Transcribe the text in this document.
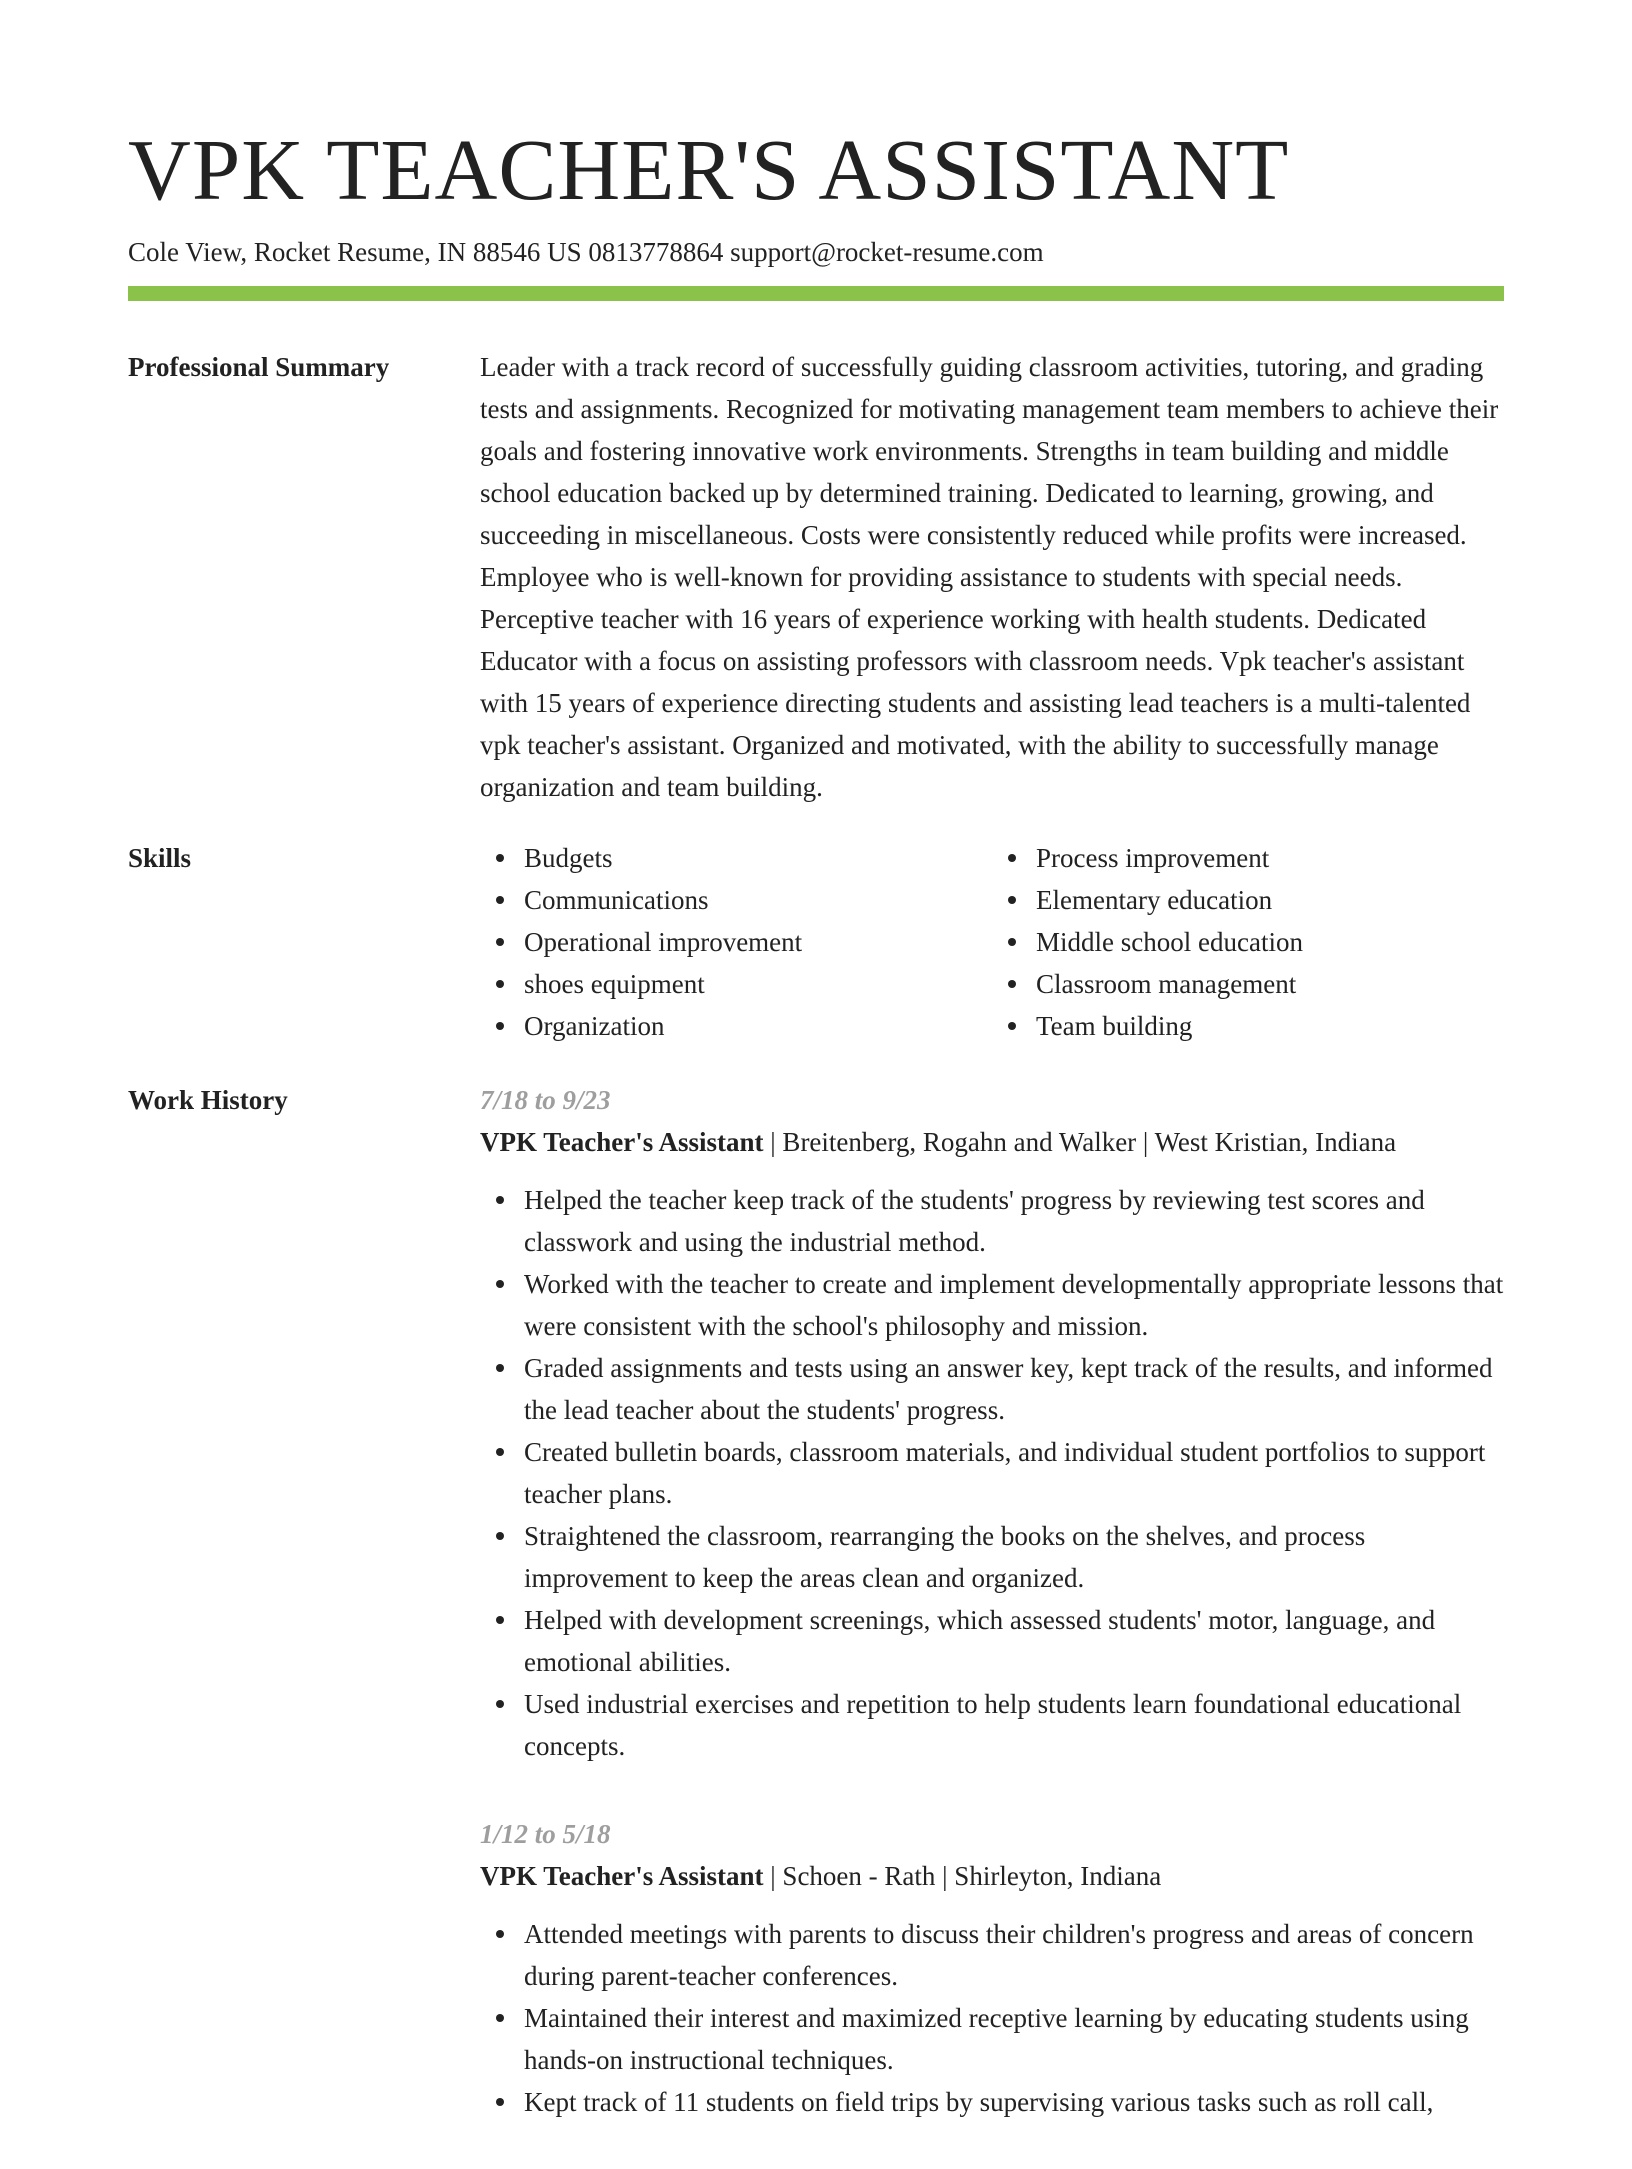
VPK TEACHER'S ASSISTANT
Cole View, Rocket Resume, IN 88546 US 0813778864 support@rocket-resume.com
Professional Summary	Leader with a track record of successfully guiding classroom activities, tutoring, and grading tests and assignments. Recognized for motivating management team members to achieve their goals and fostering innovative work environments. Strengths in team building and middle school education backed up by determined training. Dedicated to learning, growing, and succeeding in miscellaneous. Costs were consistently reduced while profits were increased. Employee who is well-known for providing assistance to students with special needs. Perceptive teacher with 16 years of experience working with health students. Dedicated Educator with a focus on assisting professors with classroom needs. Vpk teacher's assistant with 15 years of experience directing students and assisting lead teachers is a multi-talented vpk teacher's assistant. Organized and motivated, with the ability to successfully manage organization and team building.

Skills	Budgets
Communications
Operational improvement
shoes equipment
Organization
Process improvement
Elementary education
Middle school education
Classroom management
Team building
Work History	7/18 to 9/23
VPK Teacher's Assistant | Breitenberg, Rogahn and Walker | West Kristian, Indiana
Helped the teacher keep track of the students' progress by reviewing test scores and classwork and using the industrial method.
Worked with the teacher to create and implement developmentally appropriate lessons that were consistent with the school's philosophy and mission.
Graded assignments and tests using an answer key, kept track of the results, and informed the lead teacher about the students' progress.
Created bulletin boards, classroom materials, and individual student portfolios to support teacher plans.
Straightened the classroom, rearranging the books on the shelves, and process improvement to keep the areas clean and organized.
Helped with development screenings, which assessed students' motor, language, and emotional abilities.
Used industrial exercises and repetition to help students learn foundational educational concepts.
1/12 to 5/18
VPK Teacher's Assistant | Schoen - Rath | Shirleyton, Indiana
Attended meetings with parents to discuss their children's progress and areas of concern during parent-teacher conferences.
Maintained their interest and maximized receptive learning by educating students using hands-on instructional techniques.
Kept track of 11 students on field trips by supervising various tasks such as roll call,
